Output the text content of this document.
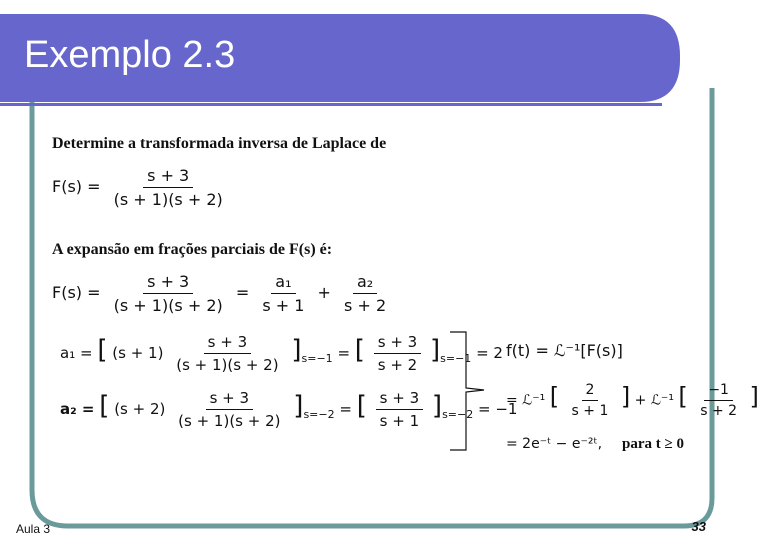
Exemplo 2.3
Determine a transformada inversa de Laplace de
$F(s) = \frac{s + 3}{(s + 1)(s + 2)}$
A expansão em frações parciais de F(s) é:
$F(s) = \frac{s + 3}{(s + 1)(s + 2)} = \frac{\text{a₁}}{s + 1} + \frac{\text{a₂}}{s + 2}$
a₁ = [ $(s + 1) \frac{s + 3}{(s + 1)(s + 2)} ]_{s=-1}$ = [ $\frac{s + 3}{s + 2} ]_{s=-1} = 2$
a₂ = [ $(s + 2) \frac{s + 3}{(s + 1)(s + 2)} ]_{s=-2}$ = [ $\frac{s + 3}{s + 1} ]_{s=-2} = -1$
f(t) = ℒ⁻¹[F(s)]
= ℒ⁻¹ [ $\frac{2}{s + 1}$ ] + ℒ⁻¹ [ $\frac{-1}{s + 2}$ ]
= 2e⁻ᵗ − e⁻²ᵗ, para t ≥ 0
Aula 3	33
